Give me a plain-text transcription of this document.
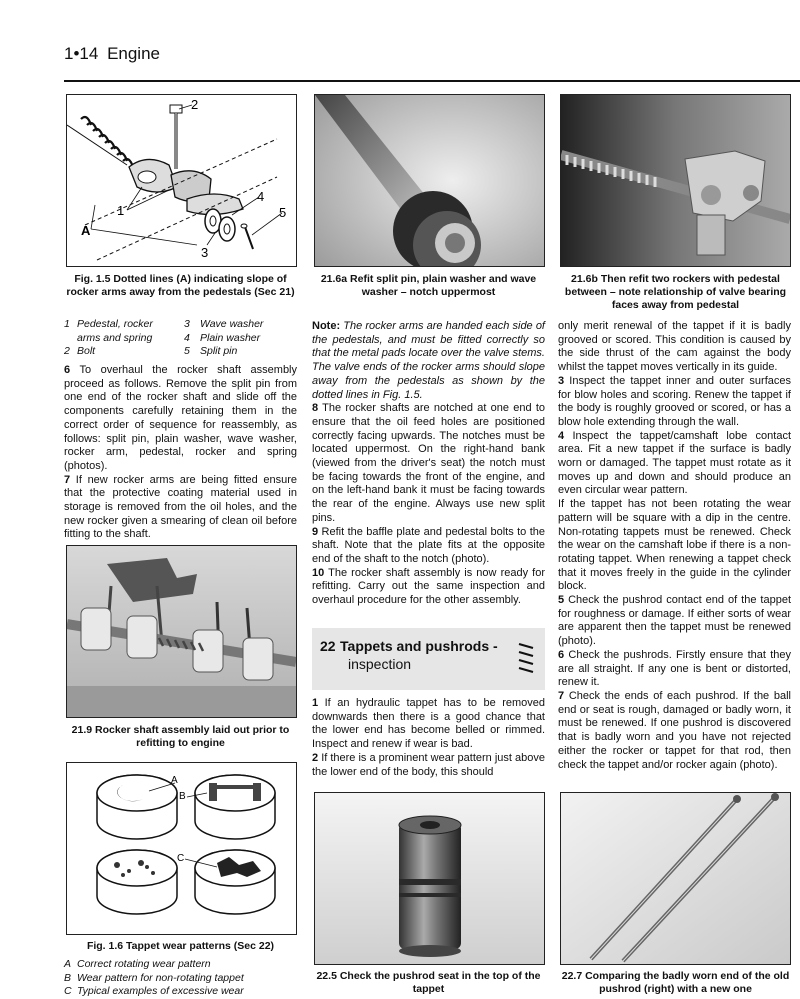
1•14 Engine
2
1
4
5
3
A
Fig. 1.5 Dotted lines (A) indicating slope of rocker arms away from the pedestals (Sec 21)
1 Pedestal, rocker arms and spring
2 Bolt
3 Wave washer
4 Plain washer
5 Split pin

6 To overhaul the rocker shaft assembly proceed as follows. Remove the split pin from one end of the rocker shaft and slide off the components carefully retaining them in the correct order of sequence for reassembly, as follows: split pin, plain washer, wave washer, rocker arm, pedestal, rocker and spring (photos).

7 If new rocker arms are being fitted ensure that the protective coating material used in storage is removed from the oil holes, and the new rocker given a smearing of clean oil before fitting to the shaft.

21.9 Rocker shaft assembly laid out prior to refitting to engine
A
B
C
Fig. 1.6 Tappet wear patterns (Sec 22)
A Correct rotating wear pattern
B Wear pattern for non-rotating tappet
C Typical examples of excessive wear
21.6a Refit split pin, plain washer and wave washer – notch uppermost

Note: The rocker arms are handed each side of the pedestals, and must be fitted correctly so that the metal pads locate over the valve stems. The valve ends of the rocker arms should slope away from the pedestals as shown by the dotted lines in Fig. 1.5.

8 The rocker shafts are notched at one end to ensure that the oil feed holes are positioned correctly facing upwards. The notches must be located uppermost. On the right-hand bank (viewed from the driver's seat) the notch must be facing towards the front of the engine, and on the left-hand bank it must be facing towards the rear of the engine. Always use new split pins.

9 Refit the baffle plate and pedestal bolts to the shaft. Note that the plate fits at the opposite end of the shaft to the notch (photo).

10 The rocker shaft assembly is now ready for refitting. Carry out the same inspection and overhaul procedure for the other assembly.

22 Tappets and pushrods -
inspection

1 If an hydraulic tappet has to be removed downwards then there is a good chance that the lower end has become belled or rimmed. Inspect and renew if wear is bad.

2 If there is a prominent wear pattern just above the lower end of the body, this should

22.5 Check the pushrod seat in the top of the tappet
21.6b Then refit two rockers with pedestal between – note relationship of valve bearing faces away from pedestal

only merit renewal of the tappet if it is badly grooved or scored. This condition is caused by the side thrust of the cam against the body whilst the tappet moves vertically in its guide.

3 Inspect the tappet inner and outer surfaces for blow holes and scoring. Renew the tappet if the body is roughly grooved or scored, or has a blow hole extending through the wall.

4 Inspect the tappet/camshaft lobe contact area. Fit a new tappet if the surface is badly worn or damaged. The tappet must rotate as it moves up and down and should produce an even circular wear pattern.

If the tappet has not been rotating the wear pattern will be square with a dip in the centre. Non-rotating tappets must be renewed. Check the wear on the camshaft lobe if there is a non-rotating tappet. When renewing a tappet check that it moves freely in the guide in the cylinder block.

5 Check the pushrod contact end of the tappet for roughness or damage. If either sorts of wear are apparent then the tappet must be renewed (photo).

6 Check the pushrods. Firstly ensure that they are all straight. If any one is bent or distorted, renew it.

7 Check the ends of each pushrod. If the ball end or seat is rough, damaged or badly worn, it must be renewed. If one pushrod is discovered that is badly worn and you have not rejected either the rocker or tappet for that rod, then check the tappet and/or rocker again (photo).

22.7 Comparing the badly worn end of the old pushrod (right) with a new one
